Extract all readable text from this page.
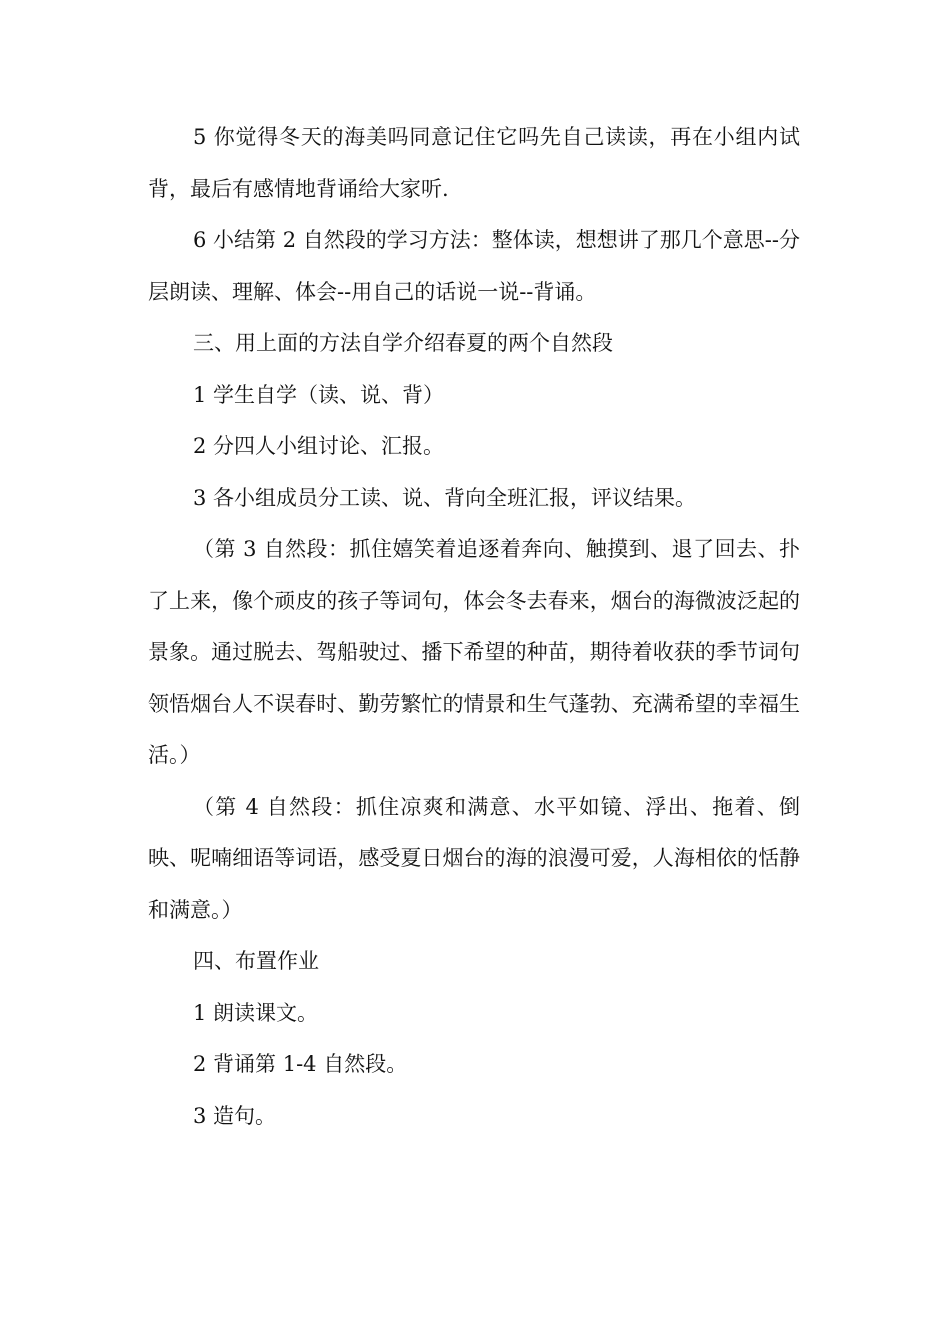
5 你觉得冬天的海美吗同意记住它吗先自己读读，再在小组内试背，最后有感情地背诵给大家听.

6 小结第 2 自然段的学习方法：整体读，想想讲了那几个意思--分层朗读、理解、体会--用自己的话说一说--背诵。

三、用上面的方法自学介绍春夏的两个自然段

1 学生自学（读、说、背）

2 分四人小组讨论、汇报。

3 各小组成员分工读、说、背向全班汇报，评议结果。

（第 3 自然段：抓住嬉笑着追逐着奔向、触摸到、退了回去、扑了上来，像个顽皮的孩子等词句，体会冬去春来，烟台的海微波泛起的景象。通过脱去、驾船驶过、播下希望的种苗，期待着收获的季节词句领悟烟台人不误春时、勤劳繁忙的情景和生气蓬勃、充满希望的幸福生活。）

（第 4 自然段：抓住凉爽和满意、水平如镜、浮出、拖着、倒映、呢喃细语等词语，感受夏日烟台的海的浪漫可爱，人海相依的恬静和满意。）

四、布置作业

1 朗读课文。

2 背诵第 1-4 自然段。

3 造句。
